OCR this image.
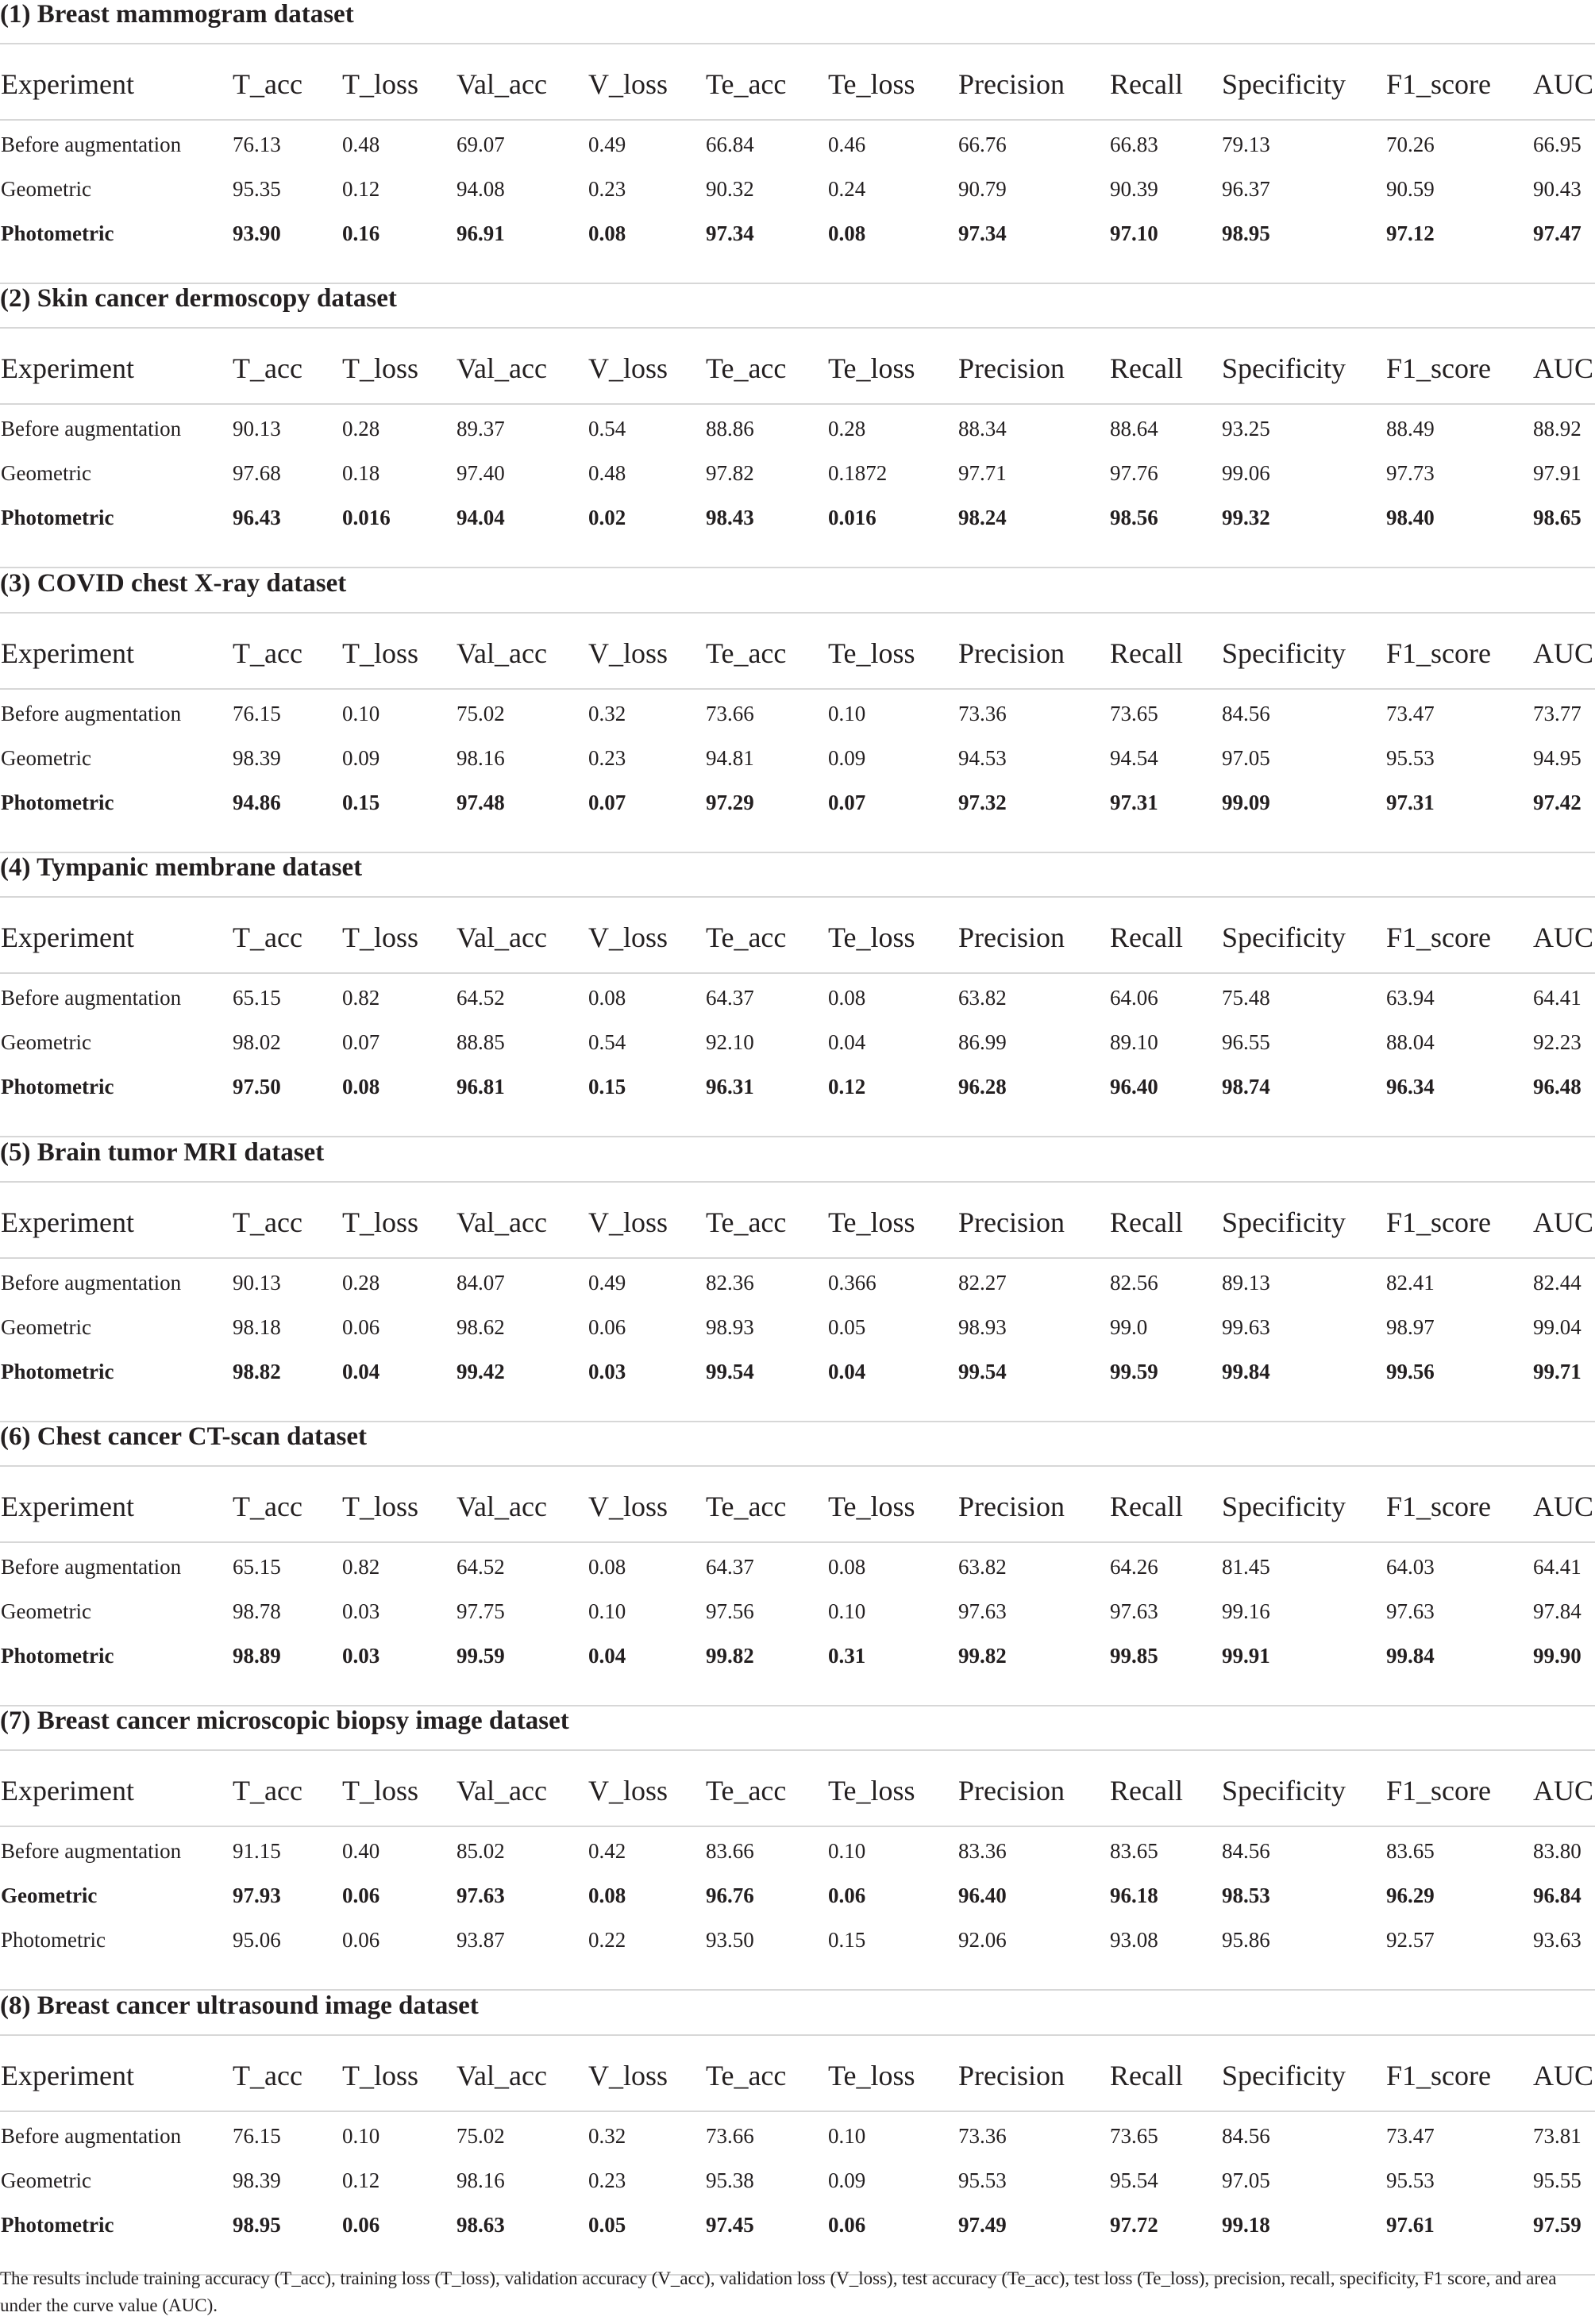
(1) Breast mammogram dataset
Experiment	T_acc T_loss Val_acc V_loss Te_acc Te_loss Precision Recall Specificity F1_score AUC
Before augmentation 76.13	0.48	69.07	0.49	66.84	0.46	66.76	66.83	79.13	70.26	66.95
Geometric	95.35	0.12	94.08	0.23	90.32	0.24	90.79	90.39	96.37	90.59	90.43
Photometric	93.90	0.16	96.91	0.08	97.34	0.08	97.34	97.10	98.95	97.12	97.47
(2) Skin cancer dermoscopy dataset
Experiment	T_acc T_loss Val_acc V_loss Te_acc Te_loss Precision Recall Specificity F1_score AUC
Before augmentation 90.13	0.28	89.37	0.54	88.86	0.28	88.34	88.64	93.25	88.49	88.92
Geometric	97.68	0.18	97.40	0.48	97.82	0.1872	97.71	97.76	99.06	97.73	97.91
Photometric	96.43	0.016	94.04	0.02	98.43	0.016	98.24	98.56	99.32	98.40	98.65
(3) COVID chest X-ray dataset
Experiment	T_acc T_loss Val_acc V_loss Te_acc Te_loss Precision Recall Specificity F1_score AUC
Before augmentation 76.15	0.10	75.02	0.32	73.66	0.10	73.36	73.65	84.56	73.47	73.77
Geometric	98.39	0.09	98.16	0.23	94.81	0.09	94.53	94.54	97.05	95.53	94.95
Photometric	94.86	0.15	97.48	0.07	97.29	0.07	97.32	97.31	99.09	97.31	97.42
(4) Tympanic membrane dataset
Experiment	T_acc T_loss Val_acc V_loss Te_acc Te_loss Precision Recall Specificity F1_score AUC
Before augmentation 65.15	0.82	64.52	0.08	64.37	0.08	63.82	64.06	75.48	63.94	64.41
Geometric	98.02	0.07	88.85	0.54	92.10	0.04	86.99	89.10	96.55	88.04	92.23
Photometric	97.50	0.08	96.81	0.15	96.31	0.12	96.28	96.40	98.74	96.34	96.48
(5) Brain tumor MRI dataset
Experiment	T_acc T_loss Val_acc V_loss Te_acc Te_loss Precision Recall Specificity F1_score AUC
Before augmentation 90.13	0.28	84.07	0.49	82.36	0.366	82.27	82.56	89.13	82.41	82.44
Geometric	98.18	0.06	98.62	0.06	98.93	0.05	98.93	99.0	99.63	98.97	99.04
Photometric	98.82	0.04	99.42	0.03	99.54	0.04	99.54	99.59	99.84	99.56	99.71
(6) Chest cancer CT-scan dataset
Experiment	T_acc T_loss Val_acc V_loss Te_acc Te_loss Precision Recall Specificity F1_score AUC
Before augmentation 65.15	0.82	64.52	0.08	64.37	0.08	63.82	64.26	81.45	64.03	64.41
Geometric	98.78	0.03	97.75	0.10	97.56	0.10	97.63	97.63	99.16	97.63	97.84
Photometric	98.89	0.03	99.59	0.04	99.82	0.31	99.82	99.85	99.91	99.84	99.90
(7) Breast cancer microscopic biopsy image dataset
Experiment	T_acc T_loss Val_acc V_loss Te_acc Te_loss Precision Recall Specificity F1_score AUC
Before augmentation 91.15	0.40	85.02	0.42	83.66	0.10	83.36	83.65	84.56	83.65	83.80
Geometric	97.93	0.06	97.63	0.08	96.76	0.06	96.40	96.18	98.53	96.29	96.84
Photometric	95.06	0.06	93.87	0.22	93.50	0.15	92.06	93.08	95.86	92.57	93.63
(8) Breast cancer ultrasound image dataset
Experiment	T_acc T_loss Val_acc V_loss Te_acc Te_loss Precision Recall Specificity F1_score AUC
Before augmentation 76.15	0.10	75.02	0.32	73.66	0.10	73.36	73.65	84.56	73.47	73.81
Geometric	98.39	0.12	98.16	0.23	95.38	0.09	95.53	95.54	97.05	95.53	95.55
Photometric	98.95	0.06	98.63	0.05	97.45	0.06	97.49	97.72	99.18	97.61	97.59
The results include training accuracy (T_acc), training loss (T_loss), validation accuracy (V_acc), validation loss (V_loss), test accuracy (Te_acc), test loss (Te_loss), precision, recall, specificity, F1 score, and area under the curve value (AUC).
